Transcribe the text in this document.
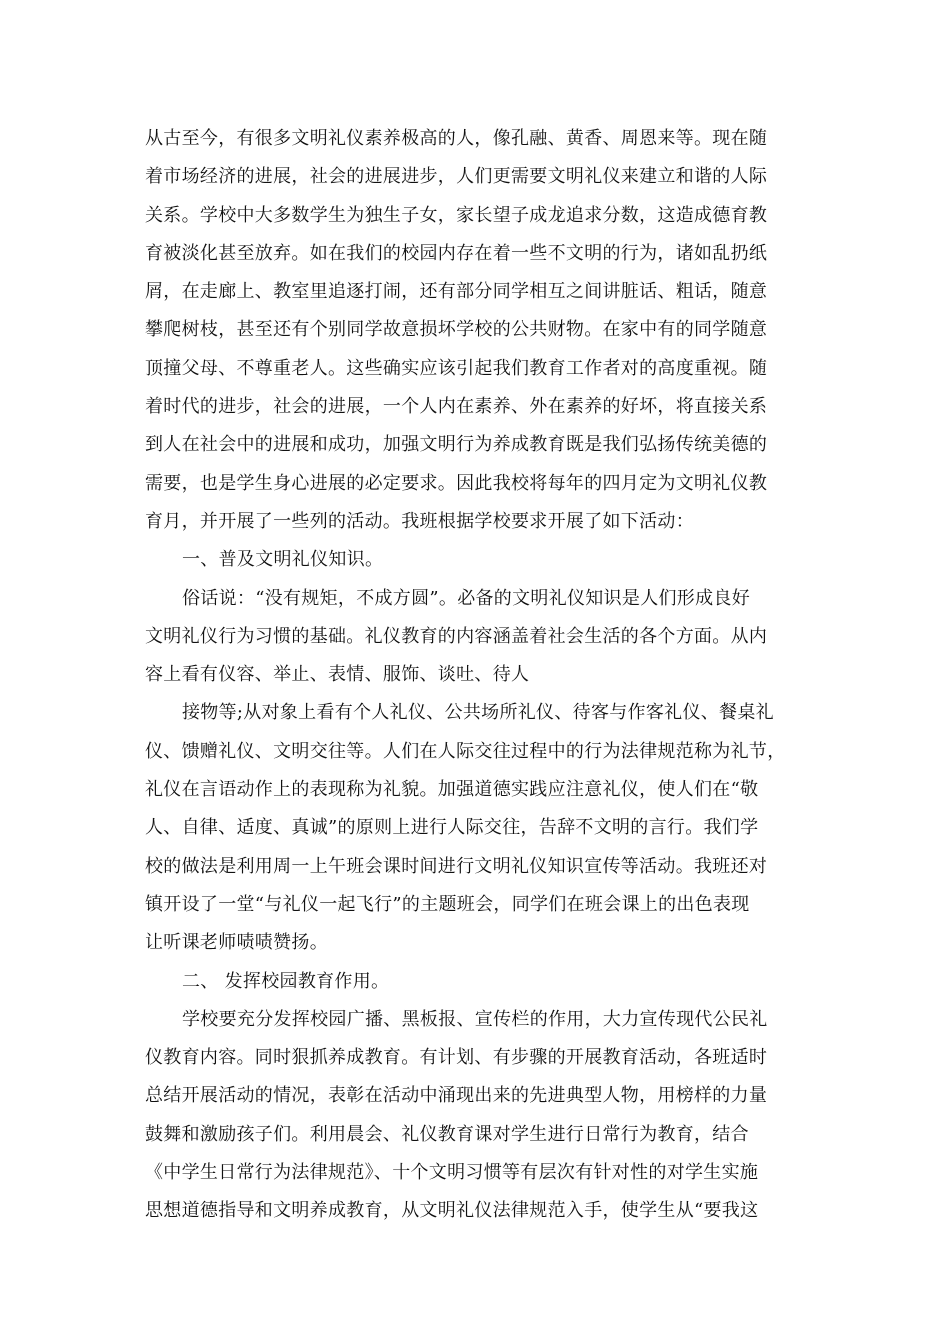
从古至今，有很多文明礼仪素养极高的人，像孔融、黄香、周恩来等。现在随
着市场经济的进展，社会的进展进步，人们更需要文明礼仪来建立和谐的人际
关系。学校中大多数学生为独生子女，家长望子成龙追求分数，这造成德育教
育被淡化甚至放弃。如在我们的校园内存在着一些不文明的行为，诸如乱扔纸
屑，在走廊上、教室里追逐打闹，还有部分同学相互之间讲脏话、粗话，随意
攀爬树枝，甚至还有个别同学故意损坏学校的公共财物。在家中有的同学随意
顶撞父母、不尊重老人。这些确实应该引起我们教育工作者对的高度重视。随
着时代的进步，社会的进展，一个人内在素养、外在素养的好坏，将直接关系
到人在社会中的进展和成功，加强文明行为养成教育既是我们弘扬传统美德的
需要，也是学生身心进展的必定要求。因此我校将每年的四月定为文明礼仪教
育月，并开展了一些列的活动。我班根据学校要求开展了如下活动：
一、普及文明礼仪知识。
俗话说：“没有规矩，不成方圆”。必备的文明礼仪知识是人们形成良好
文明礼仪行为习惯的基础。礼仪教育的内容涵盖着社会生活的各个方面。从内
容上看有仪容、举止、表情、服饰、谈吐、待人
接物等;从对象上看有个人礼仪、公共场所礼仪、待客与作客礼仪、餐桌礼
仪、馈赠礼仪、文明交往等。人们在人际交往过程中的行为法律规范称为礼节，
礼仪在言语动作上的表现称为礼貌。加强道德实践应注意礼仪，使人们在“敬
人、自律、适度、真诚”的原则上进行人际交往，告辞不文明的言行。我们学
校的做法是利用周一上午班会课时间进行文明礼仪知识宣传等活动。我班还对
镇开设了一堂“与礼仪一起飞行”的主题班会，同学们在班会课上的出色表现
让听课老师啧啧赞扬。
二、 发挥校园教育作用。
学校要充分发挥校园广播、黑板报、宣传栏的作用，大力宣传现代公民礼
仪教育内容。同时狠抓养成教育。有计划、有步骤的开展教育活动，各班适时
总结开展活动的情况，表彰在活动中涌现出来的先进典型人物，用榜样的力量
鼓舞和激励孩子们。利用晨会、礼仪教育课对学生进行日常行为教育，结合
《中学生日常行为法律规范》、十个文明习惯等有层次有针对性的对学生实施
思想道德指导和文明养成教育，从文明礼仪法律规范入手，使学生从“要我这
